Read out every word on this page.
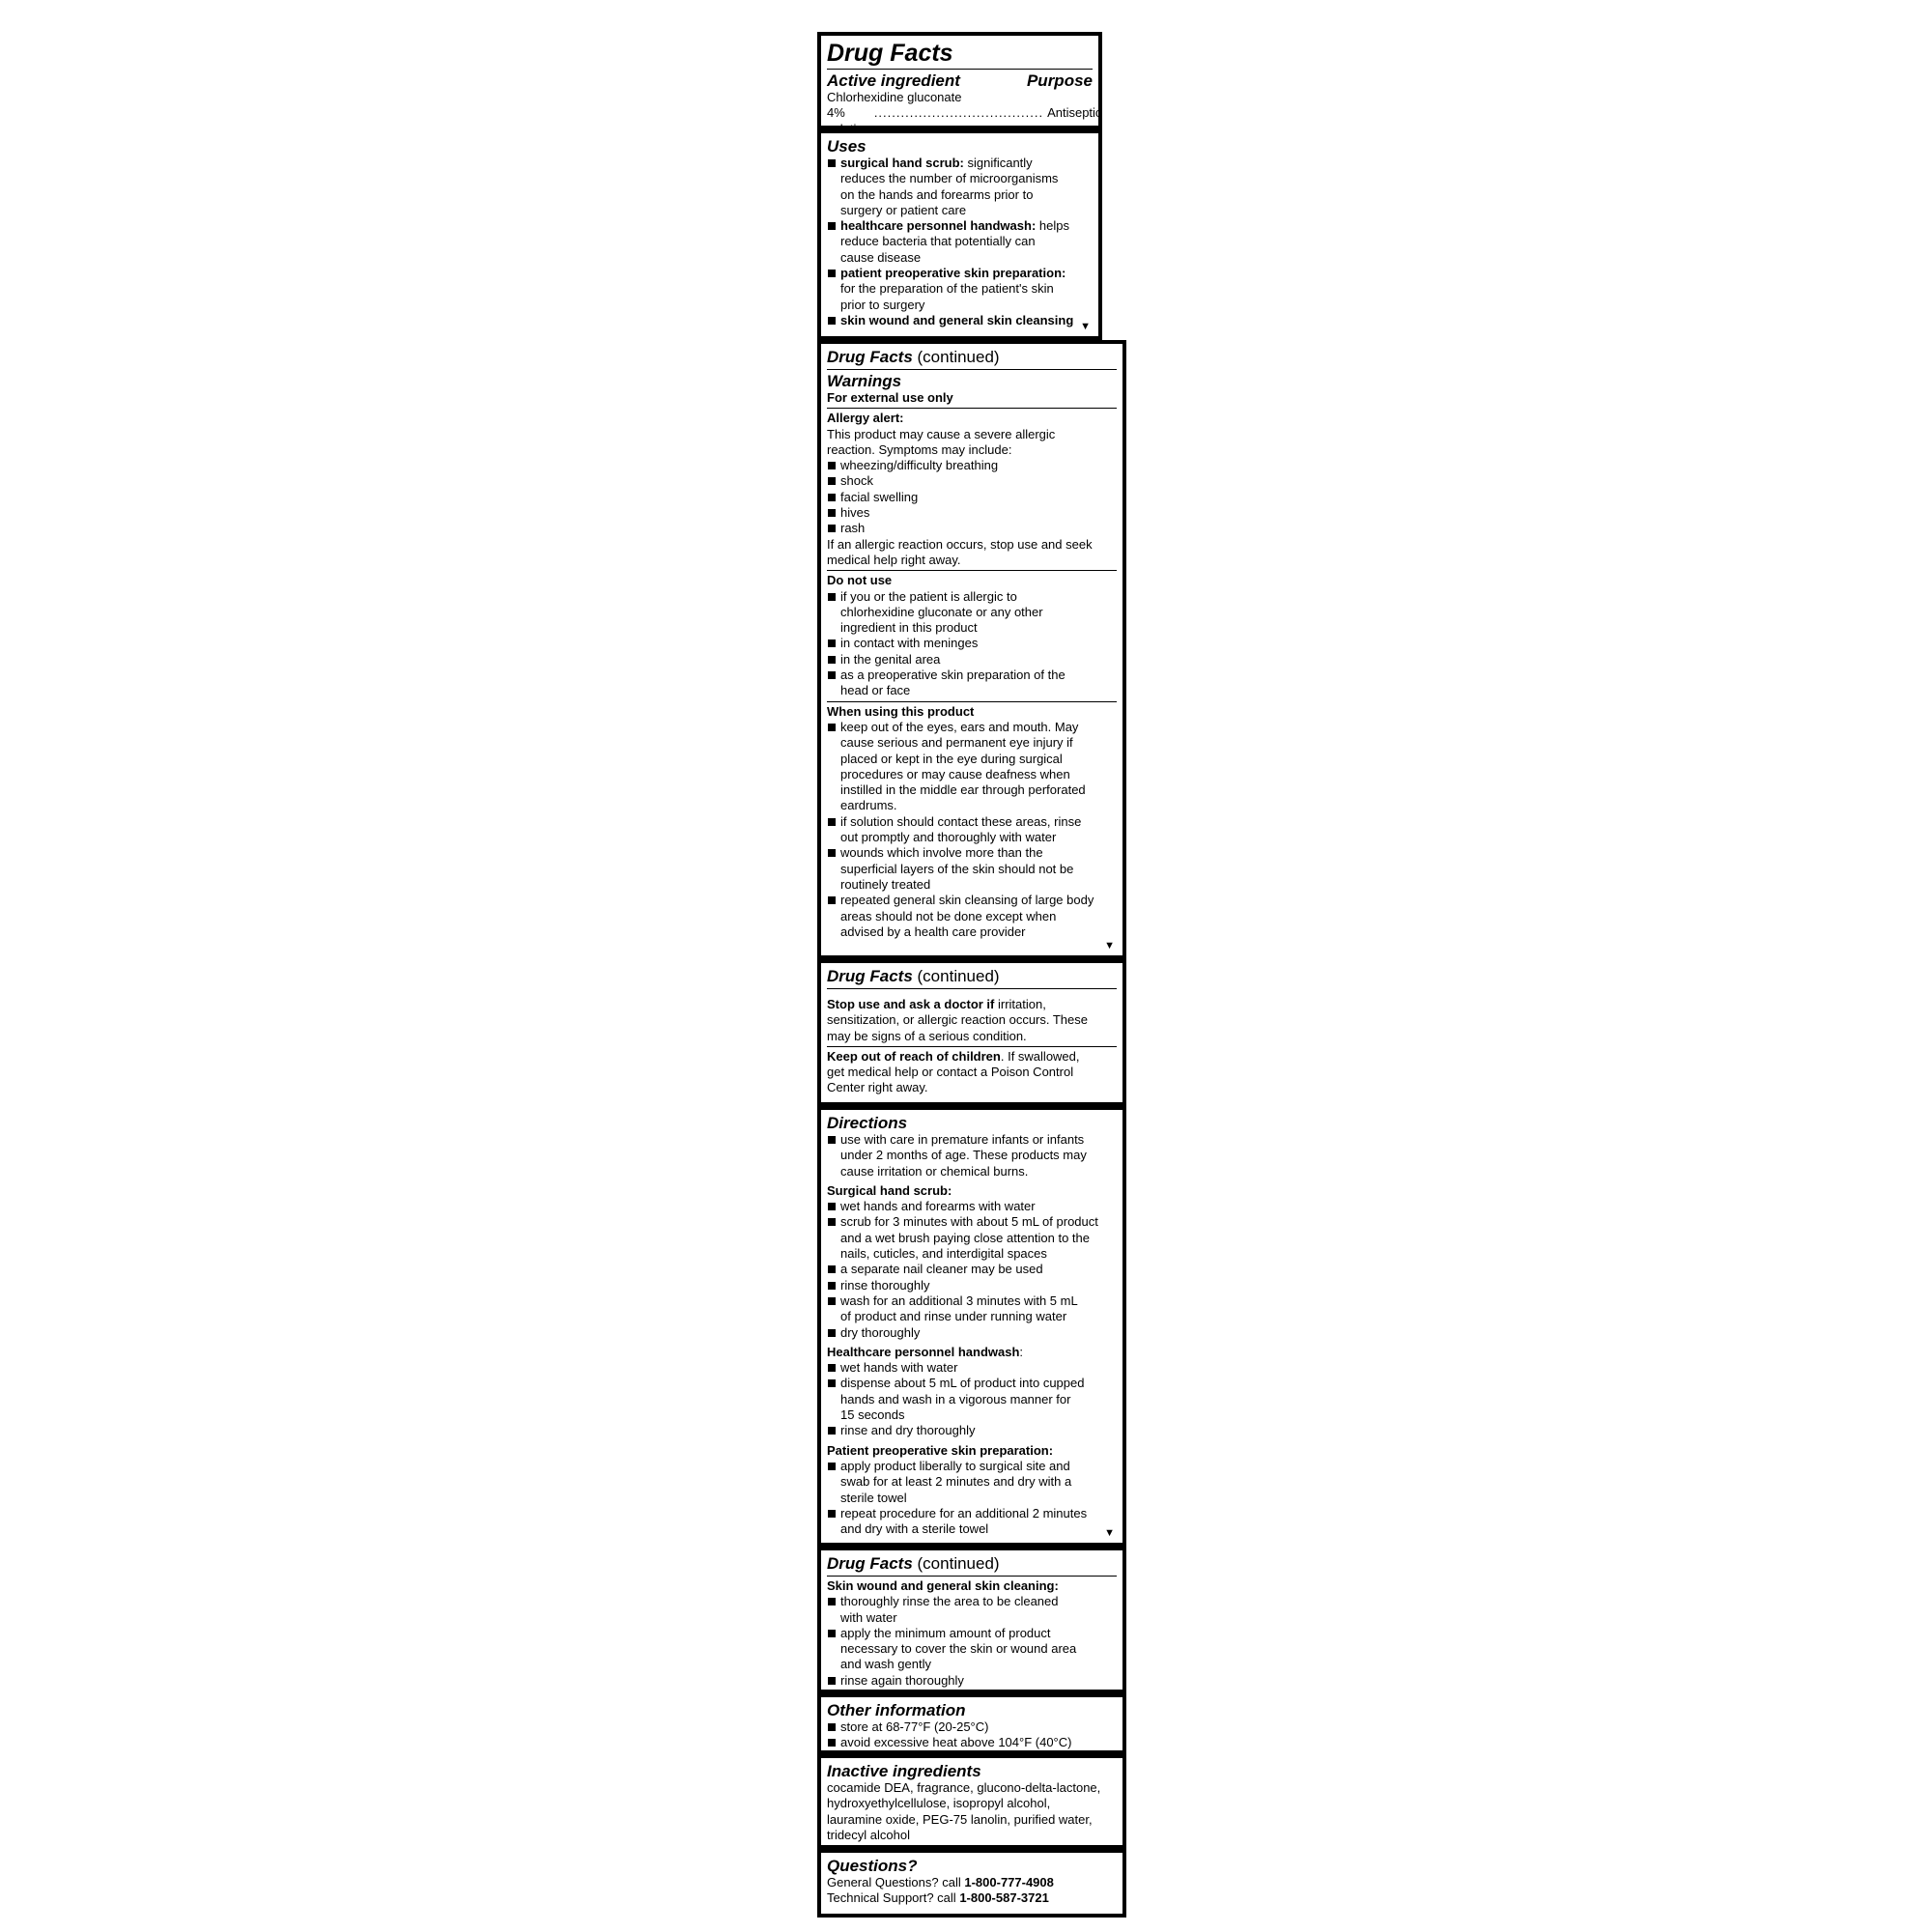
Drug Facts
Active ingredient	Purpose
Chlorhexidine gluconate
4%	...................................... Antiseptic
Uses
surgical hand scrub: significantly
reduces the number of microorganisms
on the hands and forearms prior to
surgery or patient care
healthcare personnel handwash: helps
reduce bacteria that potentially can
cause disease
patient preoperative skin preparation:
for the preparation of the patient's skin
prior to surgery
skin wound and general skin cleansing ▼
Drug Facts (continued)
Warnings
For external use only
Allergy alert:
This product may cause a severe allergic
reaction. Symptoms may include:
wheezing/difficulty breathing
shock
facial swelling
hives
rash
If an allergic reaction occurs, stop use and seek
medical help right away.
Do not use
if you or the patient is allergic to
chlorhexidine gluconate or any other
ingredient in this product
in contact with meninges
in the genital area
as a preoperative skin preparation of the
head or face
When using this product
keep out of the eyes, ears and mouth. May
cause serious and permanent eye injury if
placed or kept in the eye during surgical
procedures or may cause deafness when
instilled in the middle ear through perforated
eardrums.
if solution should contact these areas, rinse
out promptly and thoroughly with water
wounds which involve more than the
superficial layers of the skin should not be
routinely treated
repeated general skin cleansing of large body
areas should not be done except when
advised by a health care provider
▼
Drug Facts (continued)
Stop use and ask a doctor if irritation,
sensitization, or allergic reaction occurs. These
may be signs of a serious condition.
Keep out of reach of children. If swallowed,
get medical help or contact a Poison Control
Center right away.
Directions
use with care in premature infants or infants
under 2 months of age. These products may
cause irritation or chemical burns.
Surgical hand scrub:
wet hands and forearms with water
scrub for 3 minutes with about 5 mL of product
and a wet brush paying close attention to the
nails, cuticles, and interdigital spaces
a separate nail cleaner may be used
rinse thoroughly
wash for an additional 3 minutes with 5 mL
of product and rinse under running water
dry thoroughly
Healthcare personnel handwash:
wet hands with water
dispense about 5 mL of product into cupped
hands and wash in a vigorous manner for
15 seconds
rinse and dry thoroughly
Patient preoperative skin preparation:
apply product liberally to surgical site and
swab for at least 2 minutes and dry with a
sterile towel
repeat procedure for an additional 2 minutes
and dry with a sterile towel	▼
Drug Facts (continued)
Skin wound and general skin cleaning:
thoroughly rinse the area to be cleaned
with water
apply the minimum amount of product
necessary to cover the skin or wound area
and wash gently
rinse again thoroughly
Other information
store at 68-77°F (20-25°C)
avoid excessive heat above 104°F (40°C)
Inactive ingredients
cocamide DEA, fragrance, glucono-delta-lactone,
hydroxyethylcellulose, isopropyl alcohol,
lauramine oxide, PEG-75 lanolin, purified water,
tridecyl alcohol
Questions?
General Questions? call 1-800-777-4908
Technical Support? call 1-800-587-3721
